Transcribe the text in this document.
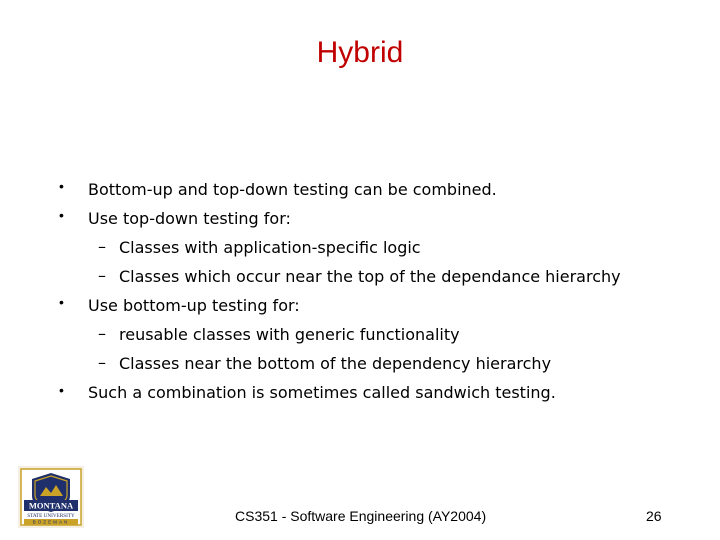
Hybrid
• Bottom-up and top-down testing can be combined.
• Use top-down testing for:
– Classes with application-specific logic
– Classes which occur near the top of the dependance hierarchy
• Use bottom-up testing for:
– reusable classes with generic functionality
– Classes near the bottom of the dependency hierarchy
• Such a combination is sometimes called sandwich testing.
MONTANA
STATE UNIVERSITY
BOZEMAN	CS351 - Software Engineering (AY2004)	26
